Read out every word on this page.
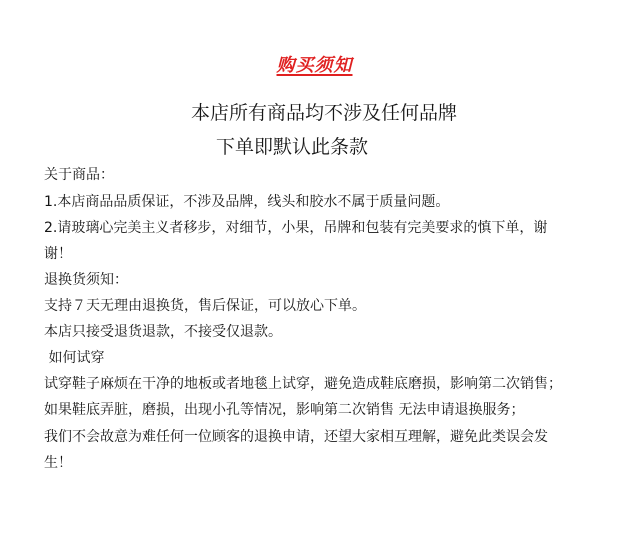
购买须知
本店所有商品均不涉及任何品牌
下单即默认此条款
关于商品：
1.本店商品品质保证，不涉及品牌，线头和胶水不属于质量问题。
2.请玻璃心完美主义者移步，对细节，小果，吊牌和包装有完美要求的慎下单，谢
谢！
退换货须知：
支持７天无理由退换货，售后保证，可以放心下单。
本店只接受退货退款，不接受仅退款。
如何试穿
试穿鞋子麻烦在干净的地板或者地毯上试穿，避免造成鞋底磨损，影响第二次销售；
如果鞋底弄脏，磨损，出现小孔等情况，影响第二次销售 无法申请退换服务；
我们不会故意为难任何一位顾客的退换申请，还望大家相互理解，避免此类误会发
生！
